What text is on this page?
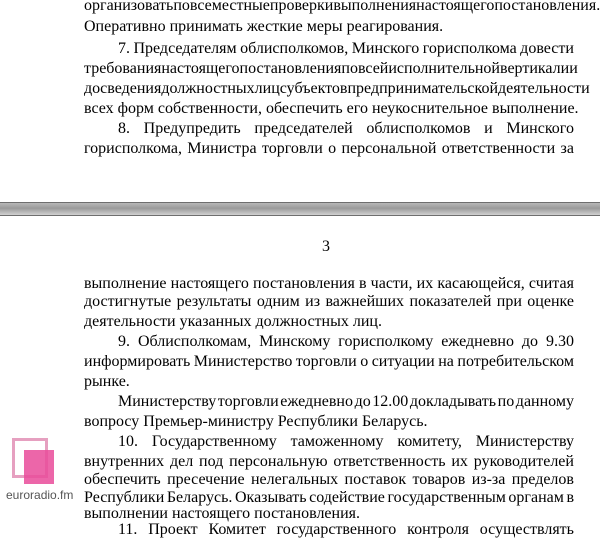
организовать повсеместные проверки выполнения настоящего постановления.
Оперативно принимать жесткие меры реагирования.
7. Председателям облисполкомов, Минского горисполкома довести
требования настоящего постановления по всей исполнительной вертикали и
до сведения должностных лиц субъектов предпринимательской деятельности
всех форм собственности, обеспечить его неукоснительное выполнение.
8. Предупредить председателей облисполкомов и Минского
горисполкома, Министра торговли о персональной ответственности за
3
выполнение настоящего постановления в части, их касающейся, считая
достигнутые результаты одним из важнейших показателей при оценке
деятельности указанных должностных лиц.
9. Облисполкомам, Минскому горисполкому ежедневно до 9.30
информировать Министерство торговли о ситуации на потребительском
рынке.
Министерству торговли ежедневно до 12.00 докладывать по данному
вопросу Премьер-министру Республики Беларусь.
10. Государственному таможенному комитету, Министерству
внутренних дел под персональную ответственность их руководителей
обеспечить пресечение нелегальных поставок товаров из-за пределов
Республики Беларусь. Оказывать содействие государственным органам в
выполнении настоящего постановления.
11. Проект Комитет государственного контроля осуществлять
euroradio.fm
